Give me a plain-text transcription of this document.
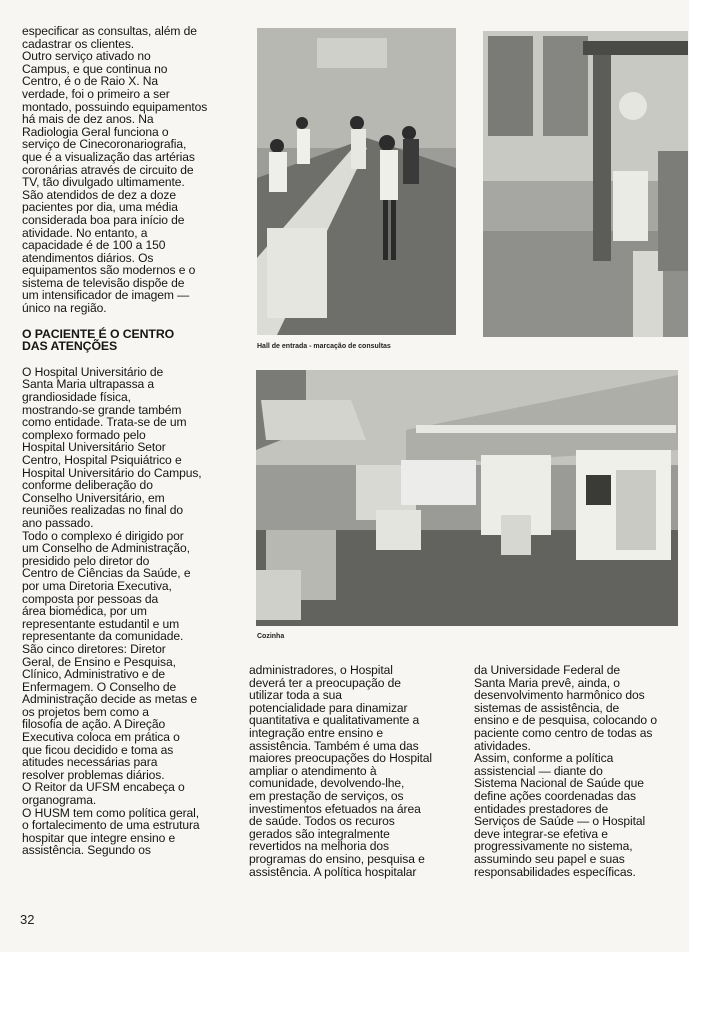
especificar as consultas, além de

cadastrar os clientes.

Outro serviço ativado no

Campus, e que continua no

Centro, é o de Raio X. Na

verdade, foi o primeiro a ser

montado, possuindo equipamentos

há mais de dez anos. Na

Radiologia Geral funciona o

serviço de Cinecoronariografia,

que é a visualização das artérias

coronárias através de circuito de

TV, tão divulgado ultimamente.

São atendidos de dez a doze

pacientes por dia, uma média

considerada boa para início de

atividade. No entanto, a

capacidade é de 100 a 150

atendimentos diários. Os

equipamentos são modernos e o

sistema de televisão dispõe de

um intensificador de imagem —

único na região.

O PACIENTE É O CENTRO

DAS ATENÇÕES

O Hospital Universitário de

Santa Maria ultrapassa a

grandiosidade física,

mostrando-se grande também

como entidade. Trata-se de um

complexo formado pelo

Hospital Universitário Setor

Centro, Hospital Psiquiátrico e

Hospital Universitário do Campus,

conforme deliberação do

Conselho Universitário, em

reuniões realizadas no final do

ano passado.

Todo o complexo é dirigido por

um Conselho de Administração,

presidido pelo diretor do

Centro de Ciências da Saúde, e

por uma Diretoria Executiva,

composta por pessoas da

área biomédica, por um

representante estudantil e um

representante da comunidade.

São cinco diretores: Diretor

Geral, de Ensino e Pesquisa,

Clínico, Administrativo e de

Enfermagem. O Conselho de

Administração decide as metas e

os projetos bem como a

filosofia de ação. A Direção

Executiva coloca em prática o

que ficou decidido e toma as

atitudes necessárias para

resolver problemas diários.

O Reitor da UFSM encabeça o

organograma.

O HUSM tem como política geral,

o fortalecimento de uma estrutura

hospitar que integre ensino e

assistência. Segundo os

Hall de entrada - marcação de consultas
Cozinha

administradores, o Hospital

deverá ter a preocupação de

utilizar toda a sua

potencialidade para dinamizar

quantitativa e qualitativamente a

integração entre ensino e

assistência. Também é uma das

maiores preocupações do Hospital

ampliar o atendimento à

comunidade, devolvendo-lhe,

em prestação de serviços, os

investimentos efetuados na área

de saúde. Todos os recuros

gerados são integralmente

revertidos na melhoria dos

programas do ensino, pesquisa e

assistência. A política hospitalar

da Universidade Federal de

Santa Maria prevê, ainda, o

desenvolvimento harmônico dos

sistemas de assistência, de

ensino e de pesquisa, colocando o

paciente como centro de todas as

atividades.

Assim, conforme a política

assistencial — diante do

Sistema Nacional de Saúde que

define ações coordenadas das

entidades prestadores de

Serviços de Saúde — o Hospital

deve integrar-se efetiva e

progressivamente no sistema,

assumindo seu papel e suas

responsabilidades específicas.

32
